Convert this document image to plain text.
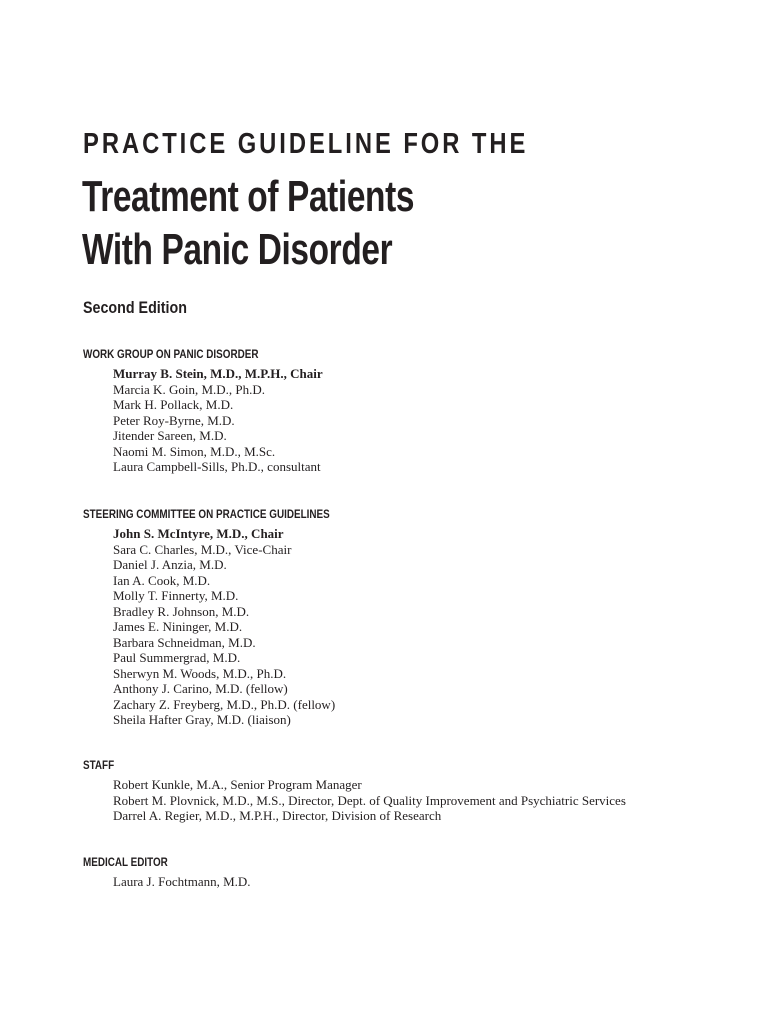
PRACTICE GUIDELINE FOR THE
Treatment of Patients
With Panic Disorder
Second Edition
WORK GROUP ON PANIC DISORDER
Murray B. Stein, M.D., M.P.H., Chair
Marcia K. Goin, M.D., Ph.D.
Mark H. Pollack, M.D.
Peter Roy-Byrne, M.D.
Jitender Sareen, M.D.
Naomi M. Simon, M.D., M.Sc.
Laura Campbell-Sills, Ph.D., consultant
STEERING COMMITTEE ON PRACTICE GUIDELINES
John S. McIntyre, M.D., Chair
Sara C. Charles, M.D., Vice-Chair
Daniel J. Anzia, M.D.
Ian A. Cook, M.D.
Molly T. Finnerty, M.D.
Bradley R. Johnson, M.D.
James E. Nininger, M.D.
Barbara Schneidman, M.D.
Paul Summergrad, M.D.
Sherwyn M. Woods, M.D., Ph.D.
Anthony J. Carino, M.D. (fellow)
Zachary Z. Freyberg, M.D., Ph.D. (fellow)
Sheila Hafter Gray, M.D. (liaison)
STAFF
Robert Kunkle, M.A., Senior Program Manager
Robert M. Plovnick, M.D., M.S., Director, Dept. of Quality Improvement and Psychiatric Services
Darrel A. Regier, M.D., M.P.H., Director, Division of Research
MEDICAL EDITOR
Laura J. Fochtmann, M.D.
